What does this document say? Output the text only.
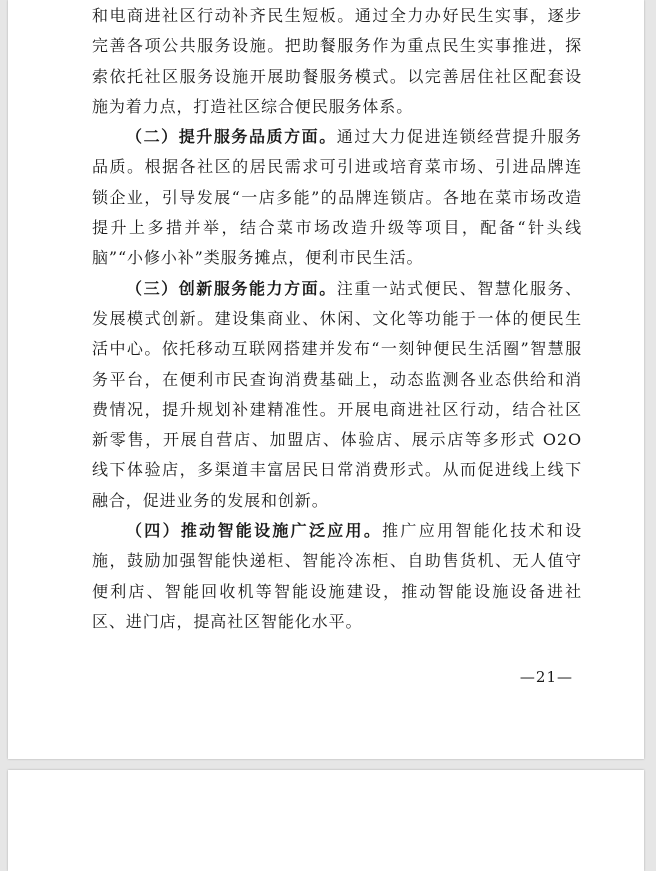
和电商进社区行动补齐民生短板。通过全力办好民生实事，逐步完善各项公共服务设施。把助餐服务作为重点民生实事推进，探索依托社区服务设施开展助餐服务模式。以完善居住社区配套设施为着力点，打造社区综合便民服务体系。

（二）提升服务品质方面。通过大力促进连锁经营提升服务品质。根据各社区的居民需求可引进或培育菜市场、引进品牌连锁企业，引导发展“一店多能”的品牌连锁店。各地在菜市场改造提升上多措并举，结合菜市场改造升级等项目，配备“针头线脑”“小修小补”类服务摊点，便利市民生活。

（三）创新服务能力方面。注重一站式便民、智慧化服务、发展模式创新。建设集商业、休闲、文化等功能于一体的便民生活中心。依托移动互联网搭建并发布“一刻钟便民生活圈”智慧服务平台，在便利市民查询消费基础上，动态监测各业态供给和消费情况，提升规划补建精准性。开展电商进社区行动，结合社区新零售，开展自营店、加盟店、体验店、展示店等多形式 O2O 线下体验店，多渠道丰富居民日常消费形式。从而促进线上线下融合，促进业务的发展和创新。

（四）推动智能设施广泛应用。推广应用智能化技术和设施，鼓励加强智能快递柜、智能冷冻柜、自助售货机、无人值守便利店、智能回收机等智能设施建设，推动智能设施设备进社区、进门店，提高社区智能化水平。

—21—
